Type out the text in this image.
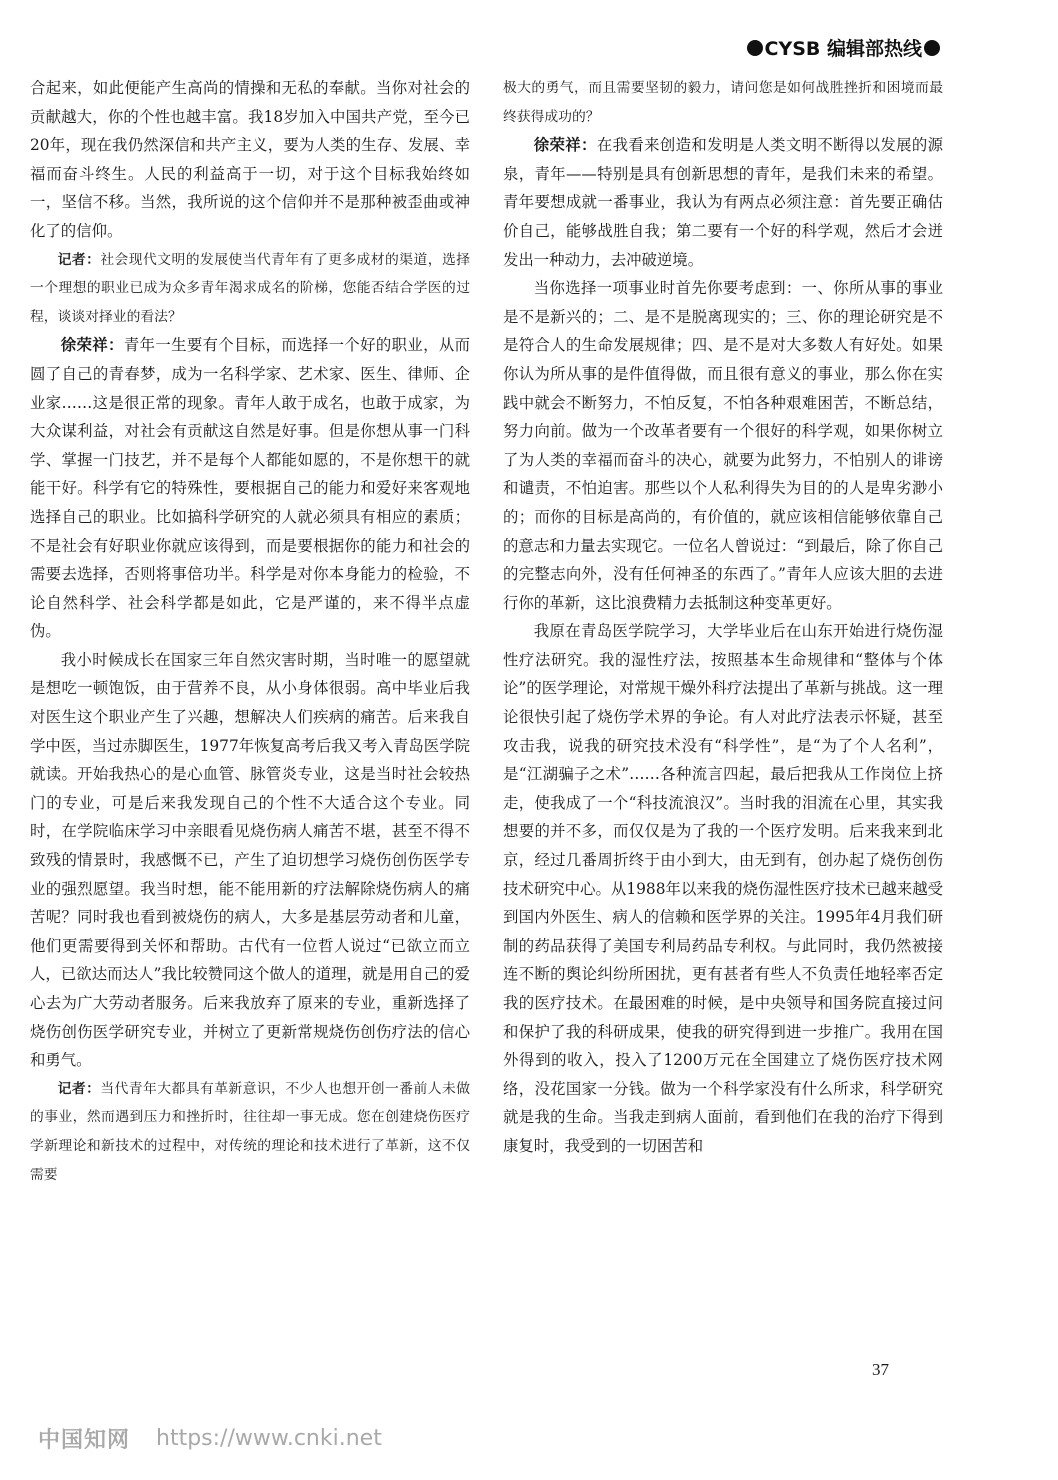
CYSB 编辑部热线

合起来，如此便能产生高尚的情操和无私的奉献。当你对社会的贡献越大，你的个性也越丰富。我18岁加入中国共产党，至今已20年，现在我仍然深信和共产主义，要为人类的生存、发展、幸福而奋斗终生。人民的利益高于一切，对于这个目标我始终如一，坚信不移。当然，我所说的这个信仰并不是那种被歪曲或神化了的信仰。

记者：社会现代文明的发展使当代青年有了更多成材的渠道，选择一个理想的职业已成为众多青年渴求成名的阶梯，您能否结合学医的过程，谈谈对择业的看法？

徐荣祥：青年一生要有个目标，而选择一个好的职业，从而圆了自己的青春梦，成为一名科学家、艺术家、医生、律师、企业家……这是很正常的现象。青年人敢于成名，也敢于成家，为大众谋利益，对社会有贡献这自然是好事。但是你想从事一门科学、掌握一门技艺，并不是每个人都能如愿的，不是你想干的就能干好。科学有它的特殊性，要根据自己的能力和爱好来客观地选择自己的职业。比如搞科学研究的人就必须具有相应的素质；不是社会有好职业你就应该得到，而是要根据你的能力和社会的需要去选择，否则将事倍功半。科学是对你本身能力的检验，不论自然科学、社会科学都是如此，它是严谨的，来不得半点虚伪。

我小时候成长在国家三年自然灾害时期，当时唯一的愿望就是想吃一顿饱饭，由于营养不良，从小身体很弱。高中毕业后我对医生这个职业产生了兴趣，想解决人们疾病的痛苦。后来我自学中医，当过赤脚医生，1977年恢复高考后我又考入青岛医学院就读。开始我热心的是心血管、脉管炎专业，这是当时社会较热门的专业，可是后来我发现自己的个性不大适合这个专业。同时，在学院临床学习中亲眼看见烧伤病人痛苦不堪，甚至不得不致残的情景时，我感慨不已，产生了迫切想学习烧伤创伤医学专业的强烈愿望。我当时想，能不能用新的疗法解除烧伤病人的痛苦呢？同时我也看到被烧伤的病人，大多是基层劳动者和儿童，他们更需要得到关怀和帮助。古代有一位哲人说过“已欲立而立人，已欲达而达人”我比较赞同这个做人的道理，就是用自己的爱心去为广大劳动者服务。后来我放弃了原来的专业，重新选择了烧伤创伤医学研究专业，并树立了更新常规烧伤创伤疗法的信心和勇气。

记者：当代青年大都具有革新意识，不少人也想开创一番前人未做的事业，然而遇到压力和挫折时，往往却一事无成。您在创建烧伤医疗学新理论和新技术的过程中，对传统的理论和技术进行了革新，这不仅需要

极大的勇气，而且需要坚韧的毅力，请问您是如何战胜挫折和困境而最终获得成功的？

徐荣祥：在我看来创造和发明是人类文明不断得以发展的源泉，青年——特别是具有创新思想的青年，是我们未来的希望。青年要想成就一番事业，我认为有两点必须注意：首先要正确估价自己，能够战胜自我；第二要有一个好的科学观，然后才会迸发出一种动力，去冲破逆境。

当你选择一项事业时首先你要考虑到：一、你所从事的事业是不是新兴的；二、是不是脱离现实的；三、你的理论研究是不是符合人的生命发展规律；四、是不是对大多数人有好处。如果你认为所从事的是件值得做，而且很有意义的事业，那么你在实践中就会不断努力，不怕反复，不怕各种艰难困苦，不断总结，努力向前。做为一个改革者要有一个很好的科学观，如果你树立了为人类的幸福而奋斗的决心，就要为此努力，不怕别人的诽谤和谴责，不怕迫害。那些以个人私利得失为目的的人是卑劣渺小的；而你的目标是高尚的，有价值的，就应该相信能够依靠自己的意志和力量去实现它。一位名人曾说过：“到最后，除了你自己的完整志向外，没有任何神圣的东西了。”青年人应该大胆的去进行你的革新，这比浪费精力去抵制这种变革更好。

我原在青岛医学院学习，大学毕业后在山东开始进行烧伤湿性疗法研究。我的湿性疗法，按照基本生命规律和“整体与个体论”的医学理论，对常规干燥外科疗法提出了革新与挑战。这一理论很快引起了烧伤学术界的争论。有人对此疗法表示怀疑，甚至攻击我，说我的研究技术没有“科学性”，是“为了个人名利”，是“江湖骗子之术”……各种流言四起，最后把我从工作岗位上挤走，使我成了一个“科技流浪汉”。当时我的泪流在心里，其实我想要的并不多，而仅仅是为了我的一个医疗发明。后来我来到北京，经过几番周折终于由小到大，由无到有，创办起了烧伤创伤技术研究中心。从1988年以来我的烧伤湿性医疗技术已越来越受到国内外医生、病人的信赖和医学界的关注。1995年4月我们研制的药品获得了美国专利局药品专利权。与此同时，我仍然被接连不断的舆论纠纷所困扰，更有甚者有些人不负责任地轻率否定我的医疗技术。在最困难的时候，是中央领导和国务院直接过问和保护了我的科研成果，使我的研究得到进一步推广。我用在国外得到的收入，投入了1200万元在全国建立了烧伤医疗技术网络，没花国家一分钱。做为一个科学家没有什么所求，科学研究就是我的生命。当我走到病人面前，看到他们在我的治疗下得到康复时，我受到的一切困苦和

37
中国知网 https://www.cnki.net
